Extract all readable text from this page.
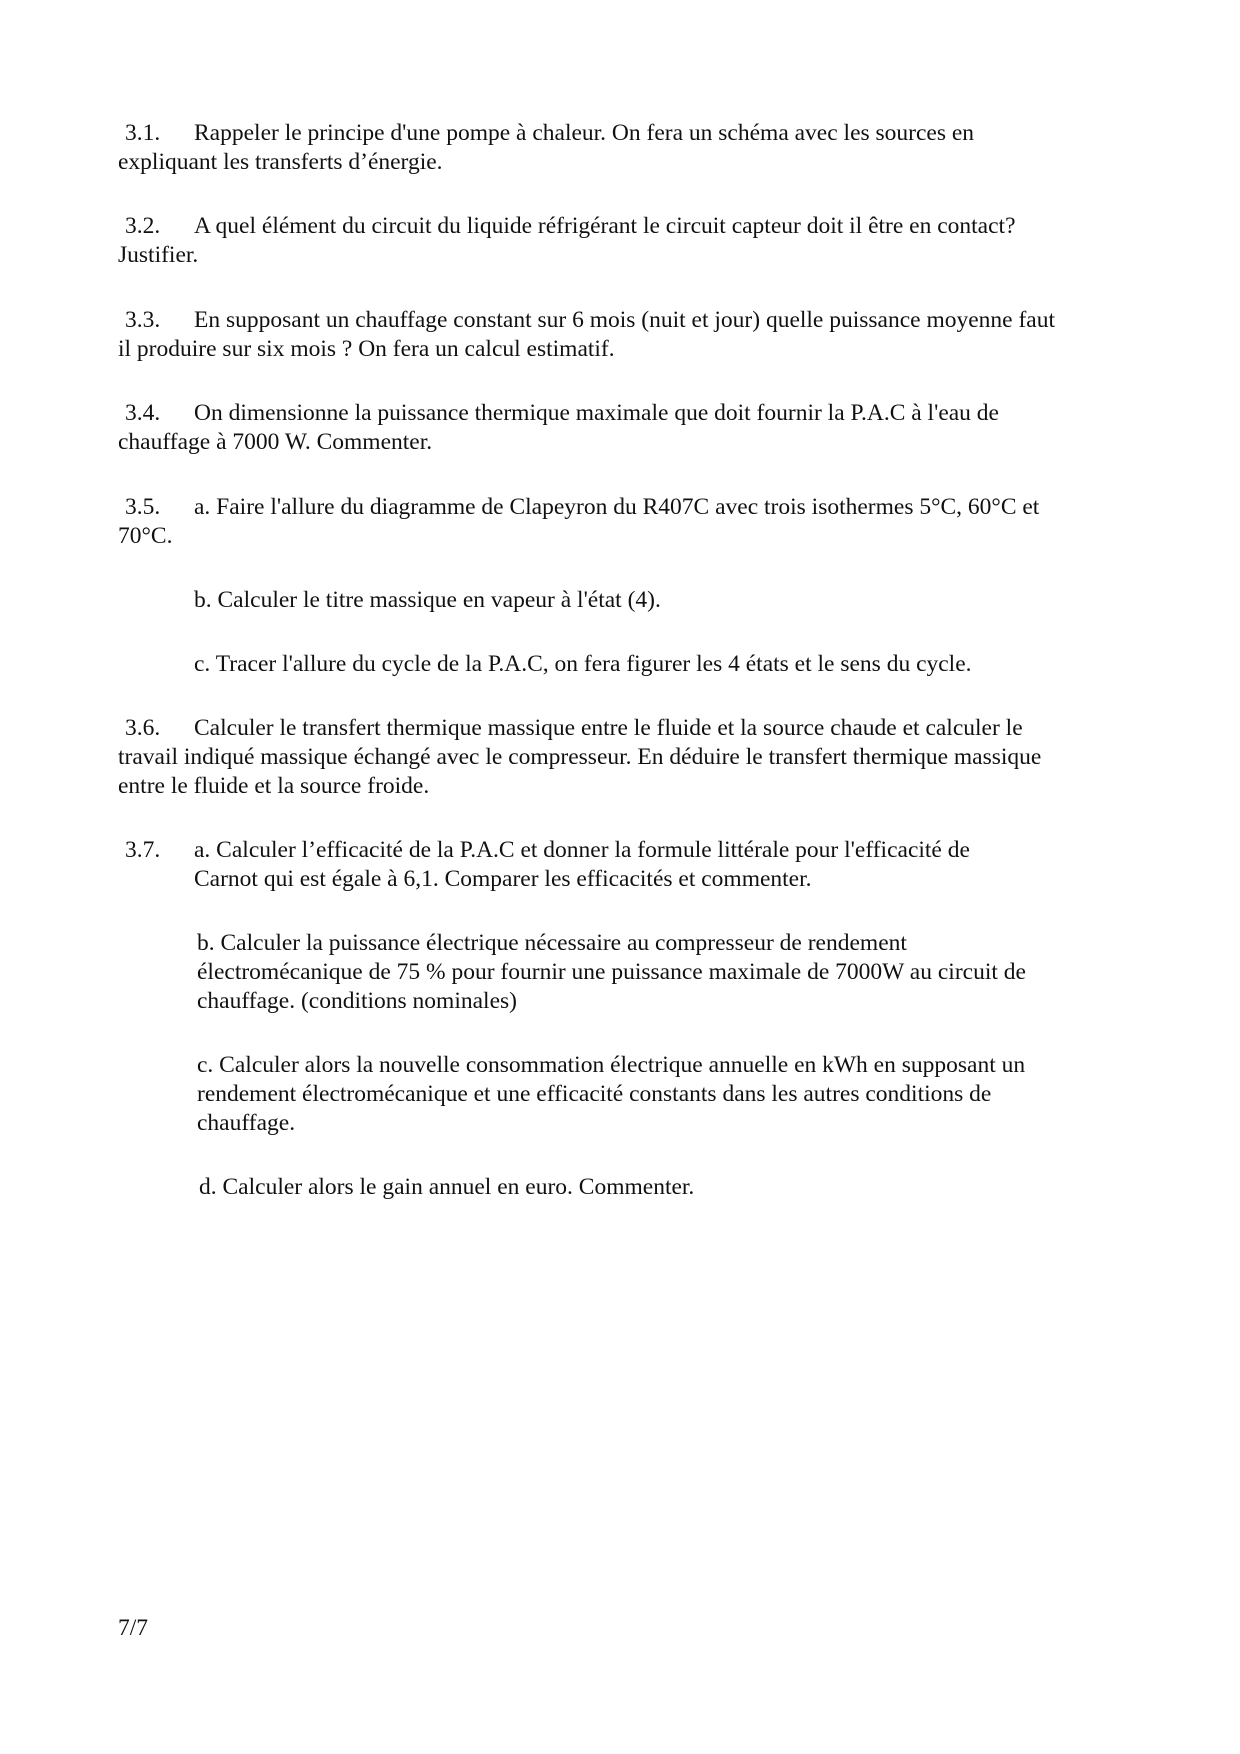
3.1. Rappeler le principe d'une pompe à chaleur. On fera un schéma avec les sources en
expliquant les transferts d’énergie.
3.2. A quel élément du circuit du liquide réfrigérant le circuit capteur doit il être en contact?
Justifier.
3.3. En supposant un chauffage constant sur 6 mois (nuit et jour) quelle puissance moyenne faut
il produire sur six mois ? On fera un calcul estimatif.
3.4. On dimensionne la puissance thermique maximale que doit fournir la P.A.C à l'eau de
chauffage à 7000 W. Commenter.
3.5. a. Faire l'allure du diagramme de Clapeyron du R407C avec trois isothermes 5°C, 60°C et
70°C.
b. Calculer le titre massique en vapeur à l'état (4).
c. Tracer l'allure du cycle de la P.A.C, on fera figurer les 4 états et le sens du cycle.
3.6. Calculer le transfert thermique massique entre le fluide et la source chaude et calculer le
travail indiqué massique échangé avec le compresseur. En déduire le transfert thermique massique
entre le fluide et la source froide.
3.7. a. Calculer l’efficacité de la P.A.C et donner la formule littérale pour l'efficacité de
Carnot qui est égale à 6,1. Comparer les efficacités et commenter.
b. Calculer la puissance électrique nécessaire au compresseur de rendement
électromécanique de 75 % pour fournir une puissance maximale de 7000W au circuit de
chauffage. (conditions nominales)
c. Calculer alors la nouvelle consommation électrique annuelle en kWh en supposant un
rendement électromécanique et une efficacité constants dans les autres conditions de
chauffage.
d. Calculer alors le gain annuel en euro. Commenter.
7/7
